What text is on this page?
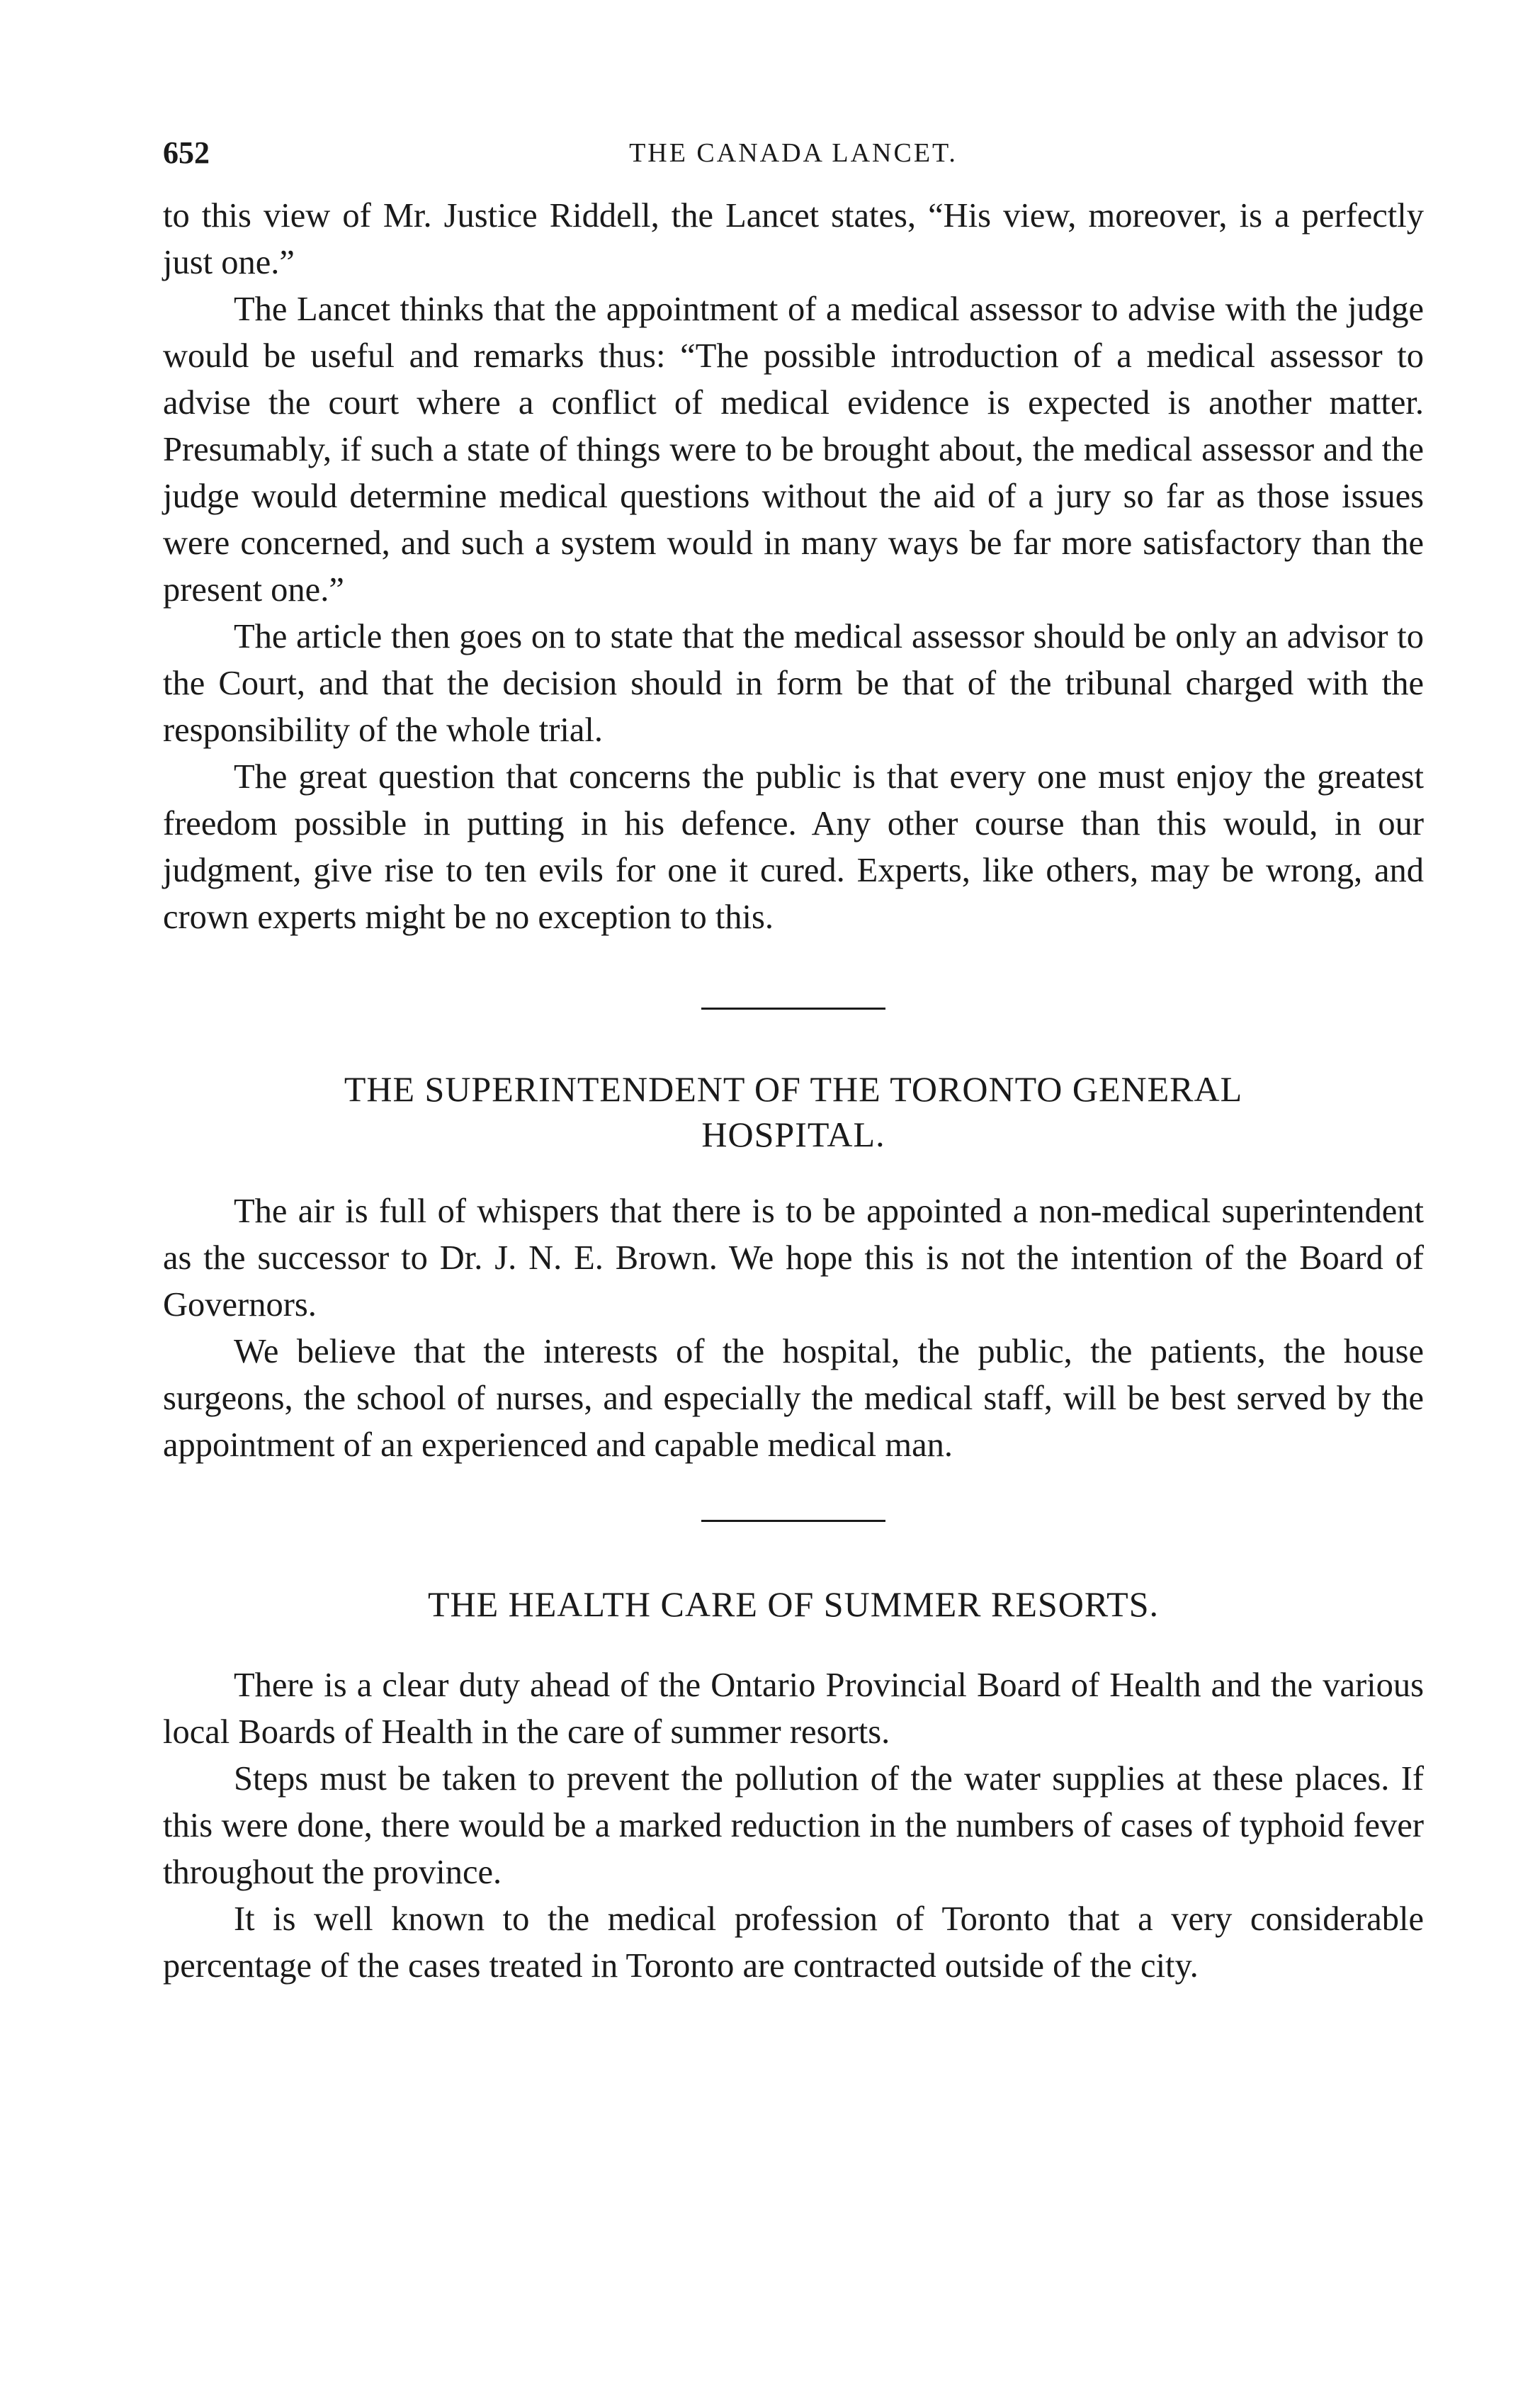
652	THE CANADA LANCET.

to this view of Mr. Justice Riddell, the Lancet states, “His view, moreover, is a perfectly just one.”

The Lancet thinks that the appointment of a medical assessor to advise with the judge would be useful and remarks thus: “The possible introduction of a medical assessor to advise the court where a conflict of medical evidence is expected is another matter. Presumably, if such a state of things were to be brought about, the medical assessor and the judge would determine medical questions without the aid of a jury so far as those issues were concerned, and such a system would in many ways be far more satisfactory than the present one.”

The article then goes on to state that the medical assessor should be only an advisor to the Court, and that the decision should in form be that of the tribunal charged with the responsibility of the whole trial.

The great question that concerns the public is that every one must enjoy the greatest freedom possible in putting in his defence. Any other course than this would, in our judgment, give rise to ten evils for one it cured. Experts, like others, may be wrong, and crown experts might be no exception to this.

THE SUPERINTENDENT OF THE TORONTO GENERAL
HOSPITAL.

The air is full of whispers that there is to be appointed a non-medical superintendent as the successor to Dr. J. N. E. Brown. We hope this is not the intention of the Board of Governors.

We believe that the interests of the hospital, the public, the patients, the house surgeons, the school of nurses, and especially the medical staff, will be best served by the appointment of an experienced and capable medical man.

THE HEALTH CARE OF SUMMER RESORTS.

There is a clear duty ahead of the Ontario Provincial Board of Health and the various local Boards of Health in the care of summer resorts.

Steps must be taken to prevent the pollution of the water supplies at these places. If this were done, there would be a marked reduction in the numbers of cases of typhoid fever throughout the province.

It is well known to the medical profession of Toronto that a very considerable percentage of the cases treated in Toronto are contracted outside of the city.
